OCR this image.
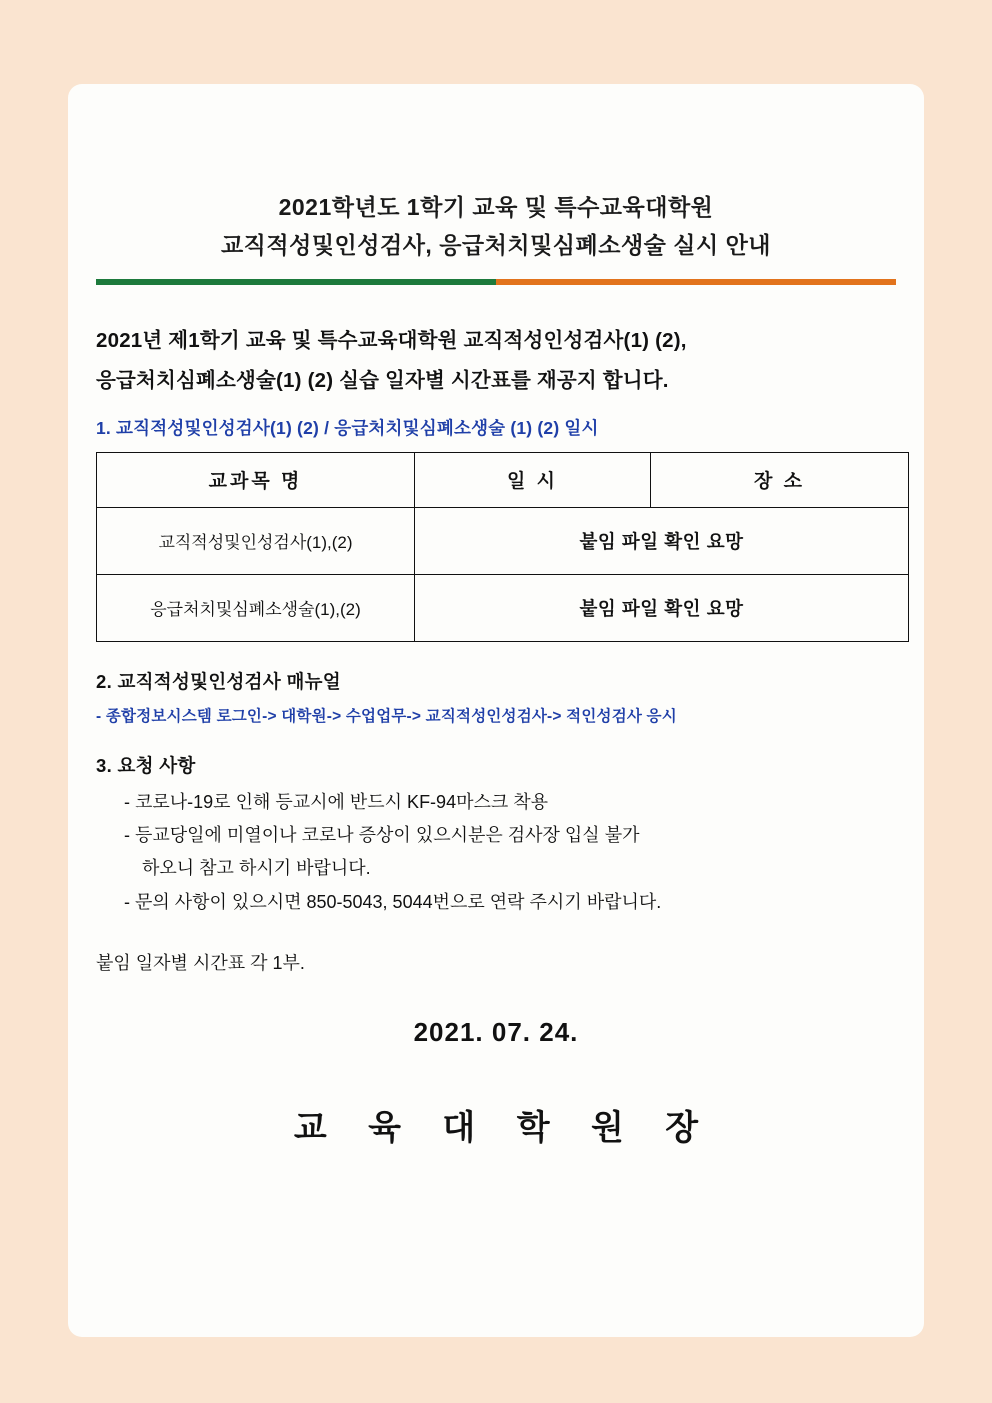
2021학년도 1학기 교육 및 특수교육대학원
교직적성및인성검사, 응급처치및심폐소생술 실시 안내
2021년 제1학기 교육 및 특수교육대학원 교직적성인성검사(1) (2),
응급처치심폐소생술(1) (2) 실습 일자별 시간표를 재공지 합니다.
1. 교직적성및인성검사(1) (2) / 응급처치및심폐소생술 (1) (2) 일시
교과목 명	일 시	장 소
교직적성및인성검사(1),(2)	붙임 파일 확인 요망	
응급처치및심폐소생술(1),(2)	붙임 파일 확인 요망	
2. 교직적성및인성검사 매뉴얼
- 종합정보시스템 로그인-> 대학원-> 수업업무-> 교직적성인성검사-> 적인성검사 응시
3. 요청 사항
- 코로나-19로 인해 등교시에 반드시 KF-94마스크 착용
- 등교당일에 미열이나 코로나 증상이 있으시분은 검사장 입실 불가
하오니 참고 하시기 바랍니다.
- 문의 사항이 있으시면 850-5043, 5044번으로 연락 주시기 바랍니다.
붙임 일자별 시간표 각 1부.
2021. 07. 24.
교 육 대 학 원 장
